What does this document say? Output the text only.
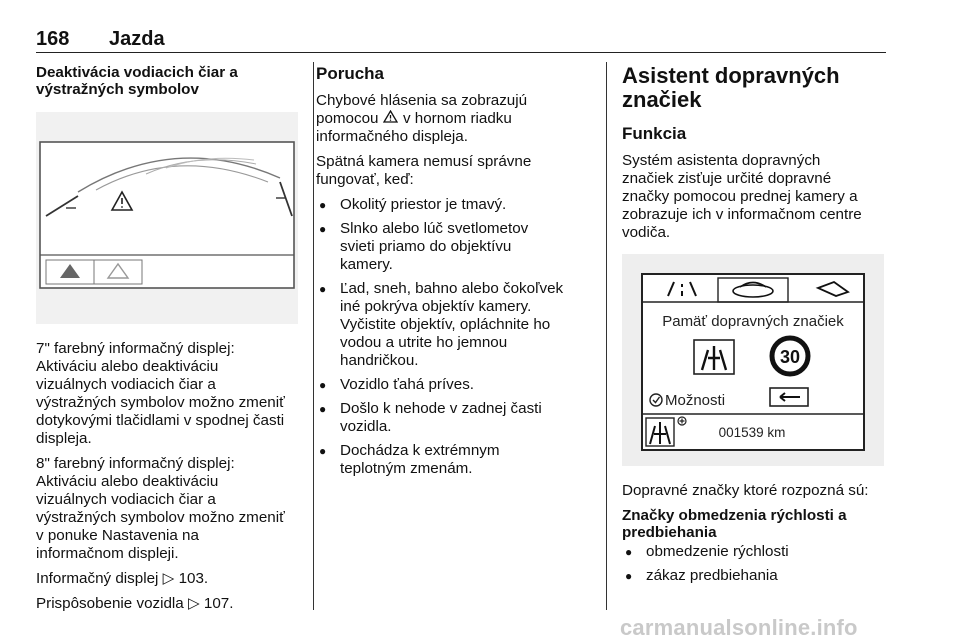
168 Jazda
Deaktivácia vodiacich čiar a
výstražných symbolov

7" farebný informačný displej:
Aktiváciu alebo deaktiváciu
vizuálnych vodiacich čiar a
výstražných symbolov možno zmeniť
dotykovými tlačidlami v spodnej časti
displeja.

8" farebný informačný displej:
Aktiváciu alebo deaktiváciu
vizuálnych vodiacich čiar a
výstražných symbolov možno zmeniť
v ponuke Nastavenia na
informačnom displeji.

Informačný displej ▷ 103.

Prispôsobenie vozidla ▷ 107.

Porucha

Chybové hlásenia sa zobrazujú
pomocou v hornom riadku
informačného displeja.

Spätná kamera nemusí správne
fungovať, keď:

● Okolitý priestor je tmavý.
● Slnko alebo lúč svetlometov
svieti priamo do objektívu
kamery.
● Ľad, sneh, bahno alebo čokoľvek
iné pokrýva objektív kamery.
Vyčistite objektív, opláchnite ho
vodou a utrite ho jemnou
handričkou.
● Vozidlo ťahá príves.
● Došlo k nehode v zadnej časti
vozidla.
● Dochádza k extrémnym
teplotným zmenám.
Asistent dopravných
značiek
Funkcia

Systém asistenta dopravných
značiek zisťuje určité dopravné
značky pomocou prednej kamery a
zobrazuje ich v informačnom centre
vodiča.

Pamäť dopravných značiek
30
Možnosti
001539 km

Dopravné značky ktoré rozpozná sú:

Značky obmedzenia rýchlosti a
predbiehania
● obmedzenie rýchlosti
● zákaz predbiehania
carmanualsonline.info
